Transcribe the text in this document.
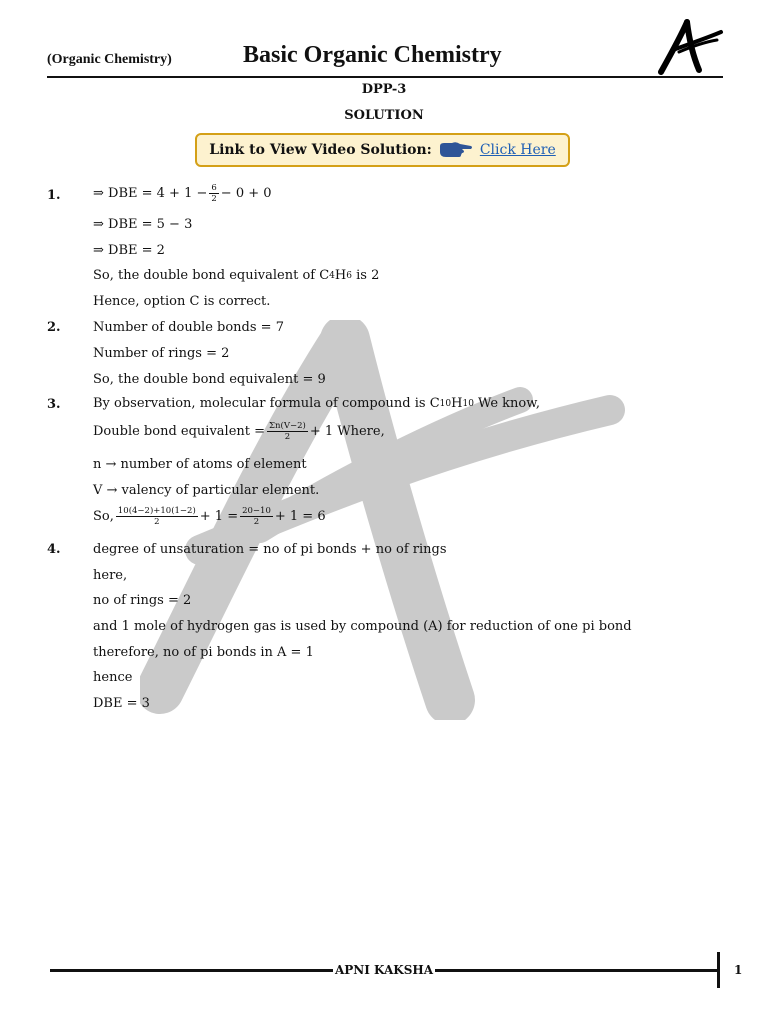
(Organic Chemistry)	Basic Organic Chemistry
DPP-3
SOLUTION
Link to View Video Solution:	Click Here
1. ⇒ DBE = $4 + 1 - \frac{6}{2} - 0 + 0$
⇒ DBE = 5 − 3
⇒ DBE = 2
So, the double bond equivalent of C 4 H 6 is 2
Hence, option C is correct.
2. Number of double bonds = 7
Number of rings = 2
So, the double bond equivalent = 9
3. By observation, molecular formula of compound is C 10 H 10 We know,
Double bond equivalent = $\frac{\Sigma n(V-2)}{2} + 1$ Where,
n → number of atoms of element
V → valency of particular element.
So, $\frac{10(4-2)+10(1-2)}{2} + 1 = \frac{20-10}{2} + 1 = 6$
4. degree of unsaturation = no of pi bonds + no of rings
here,
no of rings = 2
and 1 mole of hydrogen gas is used by compound (A) for reduction of one pi bond
therefore, no of pi bonds in A = 1
hence
DBE = 3
APNI KAKSHA	1
